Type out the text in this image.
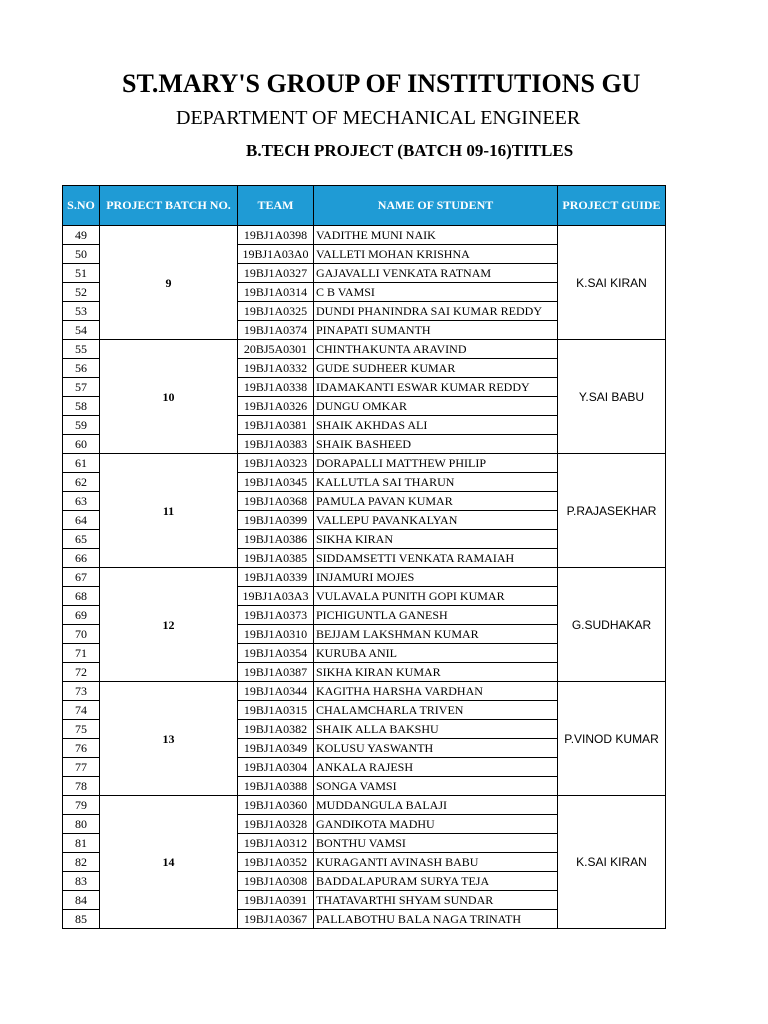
ST.MARY'S GROUP OF INSTITUTIONS GU
DEPARTMENT OF MECHANICAL ENGINEER
B.TECH PROJECT (BATCH 09-16)TITLES
S.NO	PROJECT BATCH NO.	TEAM	NAME OF STUDENT	PROJECT GUIDE
49	9	19BJ1A0398	VADITHE MUNI NAIK	K.SAI KIRAN
50		19BJ1A03A0	VALLETI MOHAN KRISHNA	
51		19BJ1A0327	GAJAVALLI VENKATA RATNAM	
52		19BJ1A0314	C B VAMSI	
53		19BJ1A0325	DUNDI PHANINDRA SAI KUMAR REDDY	
54		19BJ1A0374	PINAPATI SUMANTH	
55	10	20BJ5A0301	CHINTHAKUNTA ARAVIND	Y.SAI BABU
56		19BJ1A0332	GUDE SUDHEER KUMAR	
57		19BJ1A0338	IDAMAKANTI ESWAR KUMAR REDDY	
58		19BJ1A0326	DUNGU OMKAR	
59		19BJ1A0381	SHAIK AKHDAS ALI	
60		19BJ1A0383	SHAIK BASHEED	
61	11	19BJ1A0323	DORAPALLI MATTHEW PHILIP	P.RAJASEKHAR
62		19BJ1A0345	KALLUTLA SAI THARUN	
63		19BJ1A0368	PAMULA PAVAN KUMAR	
64		19BJ1A0399	VALLEPU PAVANKALYAN	
65		19BJ1A0386	SIKHA KIRAN	
66		19BJ1A0385	SIDDAMSETTI VENKATA RAMAIAH	
67	12	19BJ1A0339	INJAMURI MOJES	G.SUDHAKAR
68		19BJ1A03A3	VULAVALA PUNITH GOPI KUMAR	
69		19BJ1A0373	PICHIGUNTLA GANESH	
70		19BJ1A0310	BEJJAM LAKSHMAN KUMAR	
71		19BJ1A0354	KURUBA ANIL	
72		19BJ1A0387	SIKHA KIRAN KUMAR	
73	13	19BJ1A0344	KAGITHA HARSHA VARDHAN	P.VINOD KUMAR
74		19BJ1A0315	CHALAMCHARLA TRIVEN	
75		19BJ1A0382	SHAIK ALLA BAKSHU	
76		19BJ1A0349	KOLUSU YASWANTH	
77		19BJ1A0304	ANKALA RAJESH	
78		19BJ1A0388	SONGA VAMSI	
79	14	19BJ1A0360	MUDDANGULA BALAJI	K.SAI KIRAN
80		19BJ1A0328	GANDIKOTA MADHU	
81		19BJ1A0312	BONTHU VAMSI	
82		19BJ1A0352	KURAGANTI AVINASH BABU	
83		19BJ1A0308	BADDALAPURAM SURYA TEJA	
84		19BJ1A0391	THATAVARTHI SHYAM SUNDAR	
85		19BJ1A0367	PALLABOTHU BALA NAGA TRINATH	
